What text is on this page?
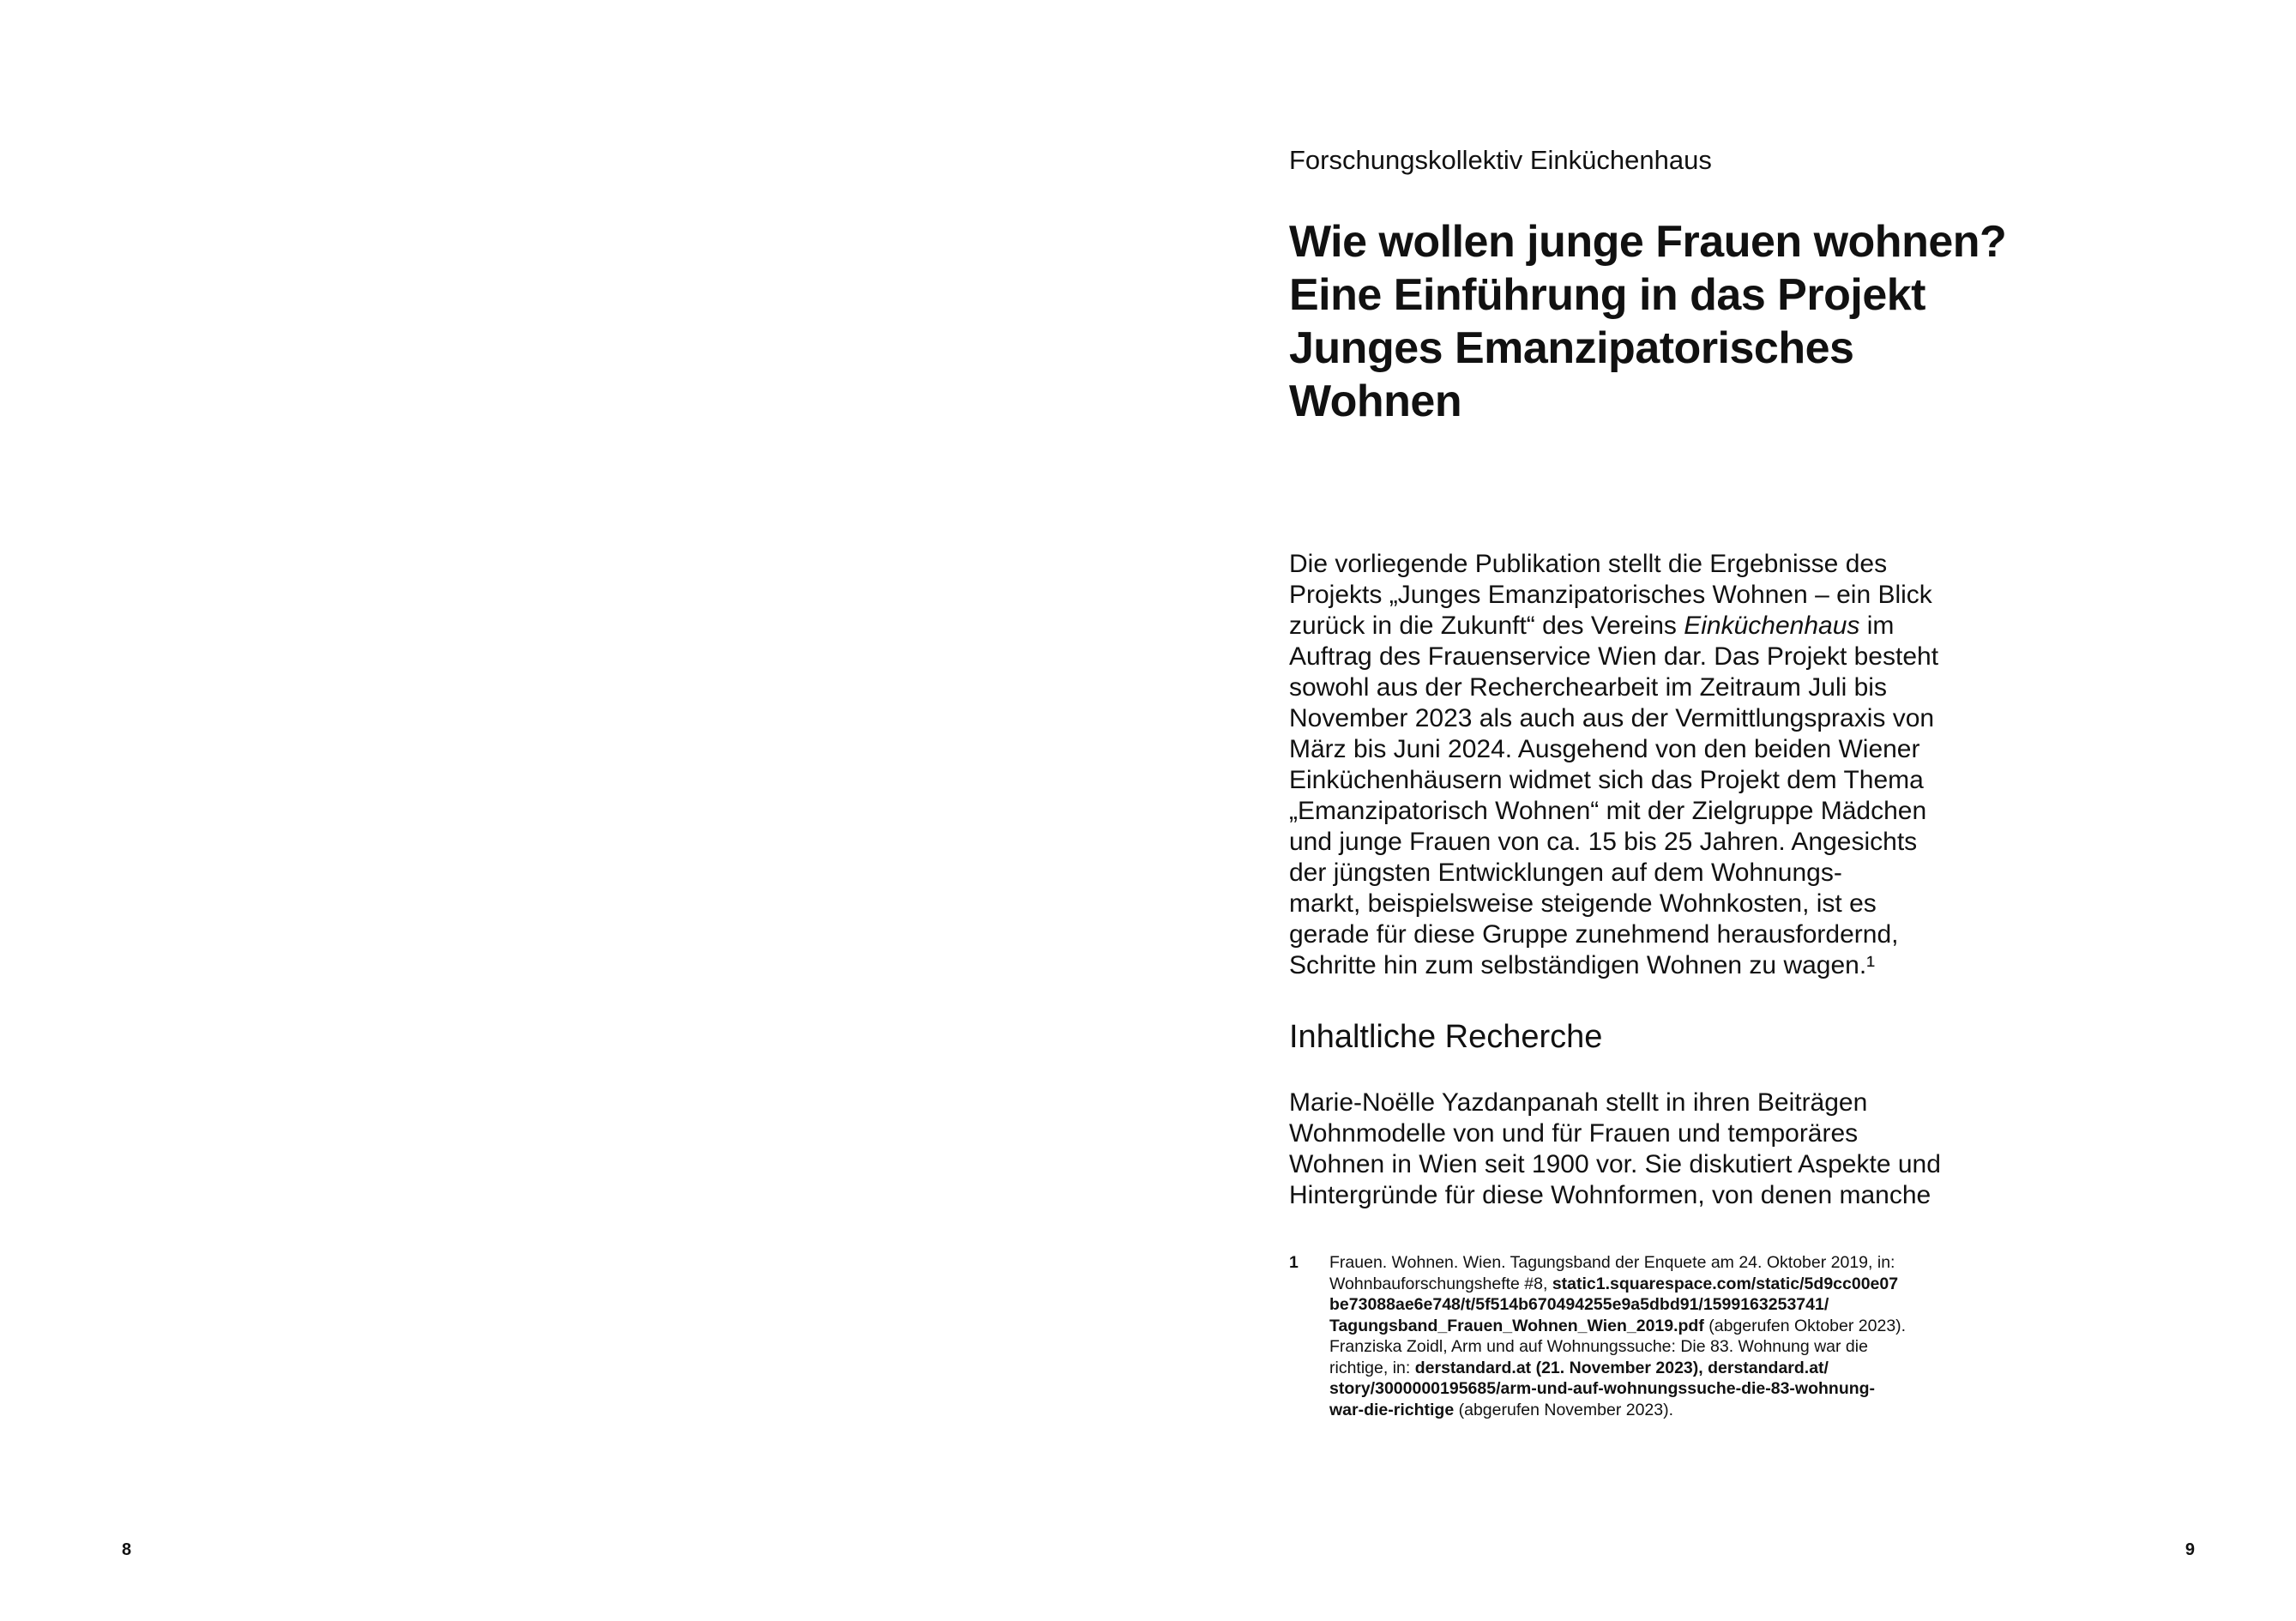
8

Forschungskollektiv Einküchenhaus

Wie wollen junge Frauen wohnen?
Eine Einführung in das Projekt
Junges Emanzipatorisches
Wohnen

Die vorliegende Publikation stellt die Ergebnisse des
Projekts „Junges Emanzipatorisches Wohnen – ein Blick
zurück in die Zukunft“ des Vereins Einküchenhaus im
Auftrag des Frauenservice Wien dar. Das Projekt besteht
sowohl aus der Recherchearbeit im Zeitraum Juli bis
November 2023 als auch aus der Vermittlungspraxis von
März bis Juni 2024. Ausgehend von den beiden Wiener
Einküchenhäusern widmet sich das Projekt dem Thema
„Emanzipatorisch Wohnen“ mit der Zielgruppe Mädchen
und junge Frauen von ca. 15 bis 25 Jahren. Angesichts
der jüngsten Entwicklungen auf dem Wohnungs-
markt, beispielsweise steigende Wohnkosten, ist es
gerade für diese Gruppe zunehmend herausfordernd,
Schritte hin zum selbständigen Wohnen zu wagen.¹

Inhaltliche Recherche

Marie-Noëlle Yazdanpanah stellt in ihren Beiträgen
Wohnmodelle von und für Frauen und temporäres
Wohnen in Wien seit 1900 vor. Sie diskutiert Aspekte und
Hintergründe für diese Wohnformen, von denen manche

1 Frauen. Wohnen. Wien. Tagungsband der Enquete am 24. Oktober 2019, in:
Wohnbauforschungshefte #8, static1.squarespace.com/static/5d9cc00e07
be73088ae6e748/t/5f514b670494255e9a5dbd91/1599163253741/
Tagungsband_Frauen_Wohnen_Wien_2019.pdf (abgerufen Oktober 2023).
Franziska Zoidl, Arm und auf Wohnungssuche: Die 83. Wohnung war die
richtige, in: derstandard.at (21. November 2023), derstandard.at/
story/3000000195685/arm-und-auf-wohnungssuche-die-83-wohnung-
war-die-richtige (abgerufen November 2023).
9
